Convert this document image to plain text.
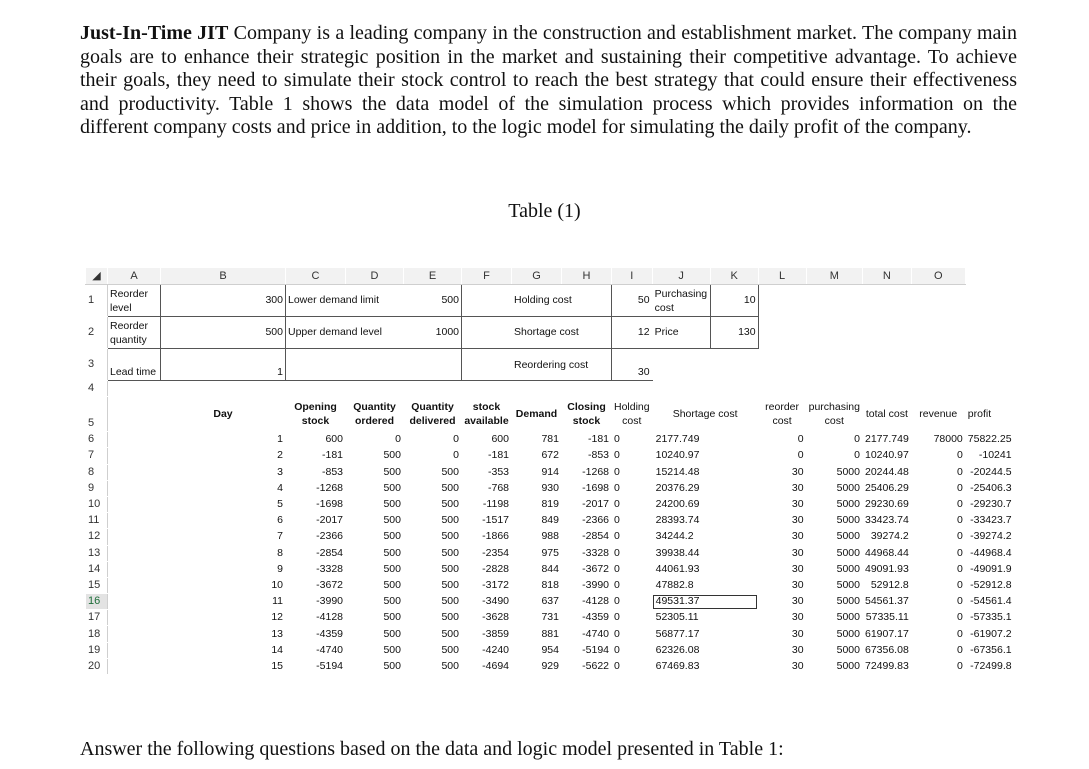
Just-In-Time JIT Company is a leading company in the construction and establishment market. The company main goals are to enhance their strategic position in the market and sustaining their competitive advantage. To achieve their goals, they need to simulate their stock control to reach the best strategy that could ensure their effectiveness and productivity. Table 1 shows the data model of the simulation process which provides information on the different company costs and price in addition, to the logic model for simulating the daily profit of the company.

Table (1)
◢	A	B	C	D	E	F	G	H	I	J	K	L	M	N	O	
1	Reorder level	300	Lower demand limit		500		Holding cost		50	Purchasing cost	10					
2	Reorder quantity	500	Upper demand level		1000		Shortage cost		12	Price	130					
3	Lead time	1					Reordering cost		30							
4																
5		Day	Opening stock	Quantity ordered	Quantity delivered	stock available	Demand	Closing stock	Holding cost	Shortage cost		reorder cost	purchasing cost	total cost	revenue	profit
6		1	600	0	0	600	781	-181	0	2177.749		0	0	2177.749	78000	75822.25
7		2	-181	500	0	-181	672	-853	0	10240.97		0	0	10240.97	0	-10241
8		3	-853	500	500	-353	914	-1268	0	15214.48		30	5000	20244.48	0	-20244.5
9		4	-1268	500	500	-768	930	-1698	0	20376.29		30	5000	25406.29	0	-25406.3
10		5	-1698	500	500	-1198	819	-2017	0	24200.69		30	5000	29230.69	0	-29230.7
11		6	-2017	500	500	-1517	849	-2366	0	28393.74		30	5000	33423.74	0	-33423.7
12		7	-2366	500	500	-1866	988	-2854	0	34244.2		30	5000	39274.2	0	-39274.2
13		8	-2854	500	500	-2354	975	-3328	0	39938.44		30	5000	44968.44	0	-44968.4
14		9	-3328	500	500	-2828	844	-3672	0	44061.93		30	5000	49091.93	0	-49091.9
15		10	-3672	500	500	-3172	818	-3990	0	47882.8		30	5000	52912.8	0	-52912.8
16		11	-3990	500	500	-3490	637	-4128	0	49531.37		30	5000	54561.37	0	-54561.4
17		12	-4128	500	500	-3628	731	-4359	0	52305.11		30	5000	57335.11	0	-57335.1
18		13	-4359	500	500	-3859	881	-4740	0	56877.17		30	5000	61907.17	0	-61907.2
19		14	-4740	500	500	-4240	954	-5194	0	62326.08		30	5000	67356.08	0	-67356.1
20		15	-5194	500	500	-4694	929	-5622	0	67469.83		30	5000	72499.83	0	-72499.8
Answer the following questions based on the data and logic model presented in Table 1:
